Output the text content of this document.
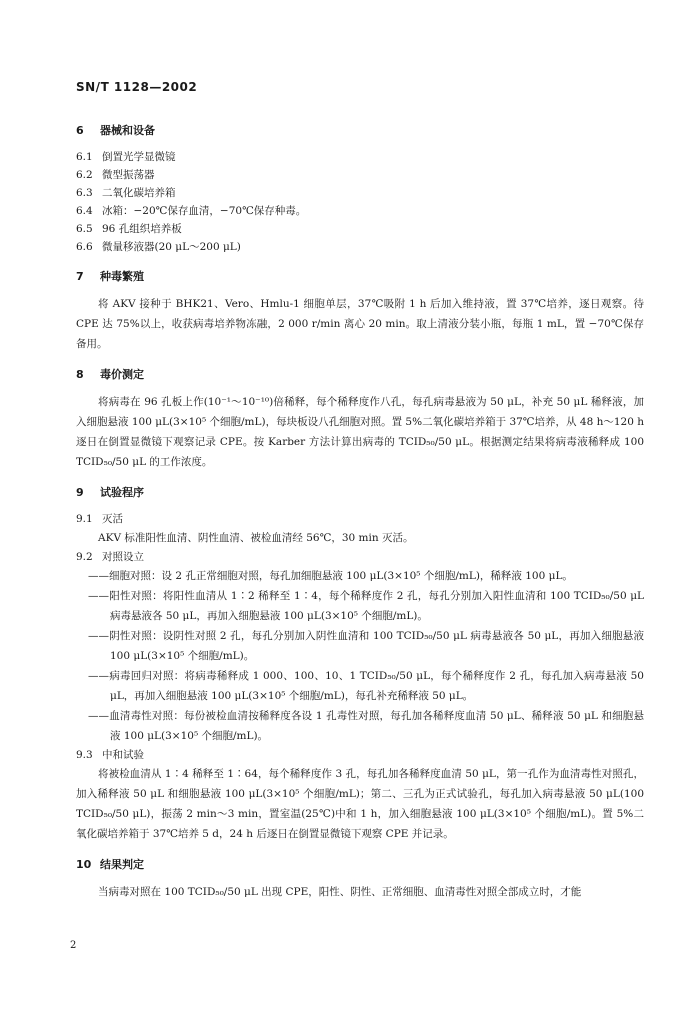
SN/T 1128—2002
6 器械和设备
6.1 倒置光学显微镜
6.2 微型振荡器
6.3 二氧化碳培养箱
6.4 冰箱：−20℃保存血清，−70℃保存种毒。
6.5 96 孔组织培养板
6.6 微量移液器(20 μL～200 μL)
7 种毒繁殖

将 AKV 接种于 BHK21、Vero、Hmlu-1 细胞单层，37℃吸附 1 h 后加入维持液，置 37℃培养，逐日观察。待 CPE 达 75%以上，收获病毒培养物冻融，2 000 r/min 离心 20 min。取上清液分装小瓶，每瓶 1 mL，置 −70℃保存备用。

8 毒价测定

将病毒在 96 孔板上作(10⁻¹～10⁻¹⁰)倍稀释，每个稀释度作八孔，每孔病毒悬液为 50 μL，补充 50 μL 稀释液，加入细胞悬液 100 μL(3×10⁵ 个细胞/mL)，每块板设八孔细胞对照。置 5%二氧化碳培养箱于 37℃培养，从 48 h～120 h 逐日在倒置显微镜下观察记录 CPE。按 Karber 方法计算出病毒的 TCID₅₀/50 μL。根据测定结果将病毒液稀释成 100 TCID₅₀/50 μL 的工作浓度。

9 试验程序
9.1 灭活

AKV 标准阳性血清、阴性血清、被检血清经 56℃，30 min 灭活。

9.2 对照设立

——细胞对照：设 2 孔正常细胞对照，每孔加细胞悬液 100 μL(3×10⁵ 个细胞/mL)，稀释液 100 μL。

——阳性对照：将阳性血清从 1∶2 稀释至 1∶4，每个稀释度作 2 孔，每孔分别加入阳性血清和 100 TCID₅₀/50 μL 病毒悬液各 50 μL，再加入细胞悬液 100 μL(3×10⁵ 个细胞/mL)。

——阴性对照：设阴性对照 2 孔，每孔分别加入阴性血清和 100 TCID₅₀/50 μL 病毒悬液各 50 μL，再加入细胞悬液 100 μL(3×10⁵ 个细胞/mL)。

——病毒回归对照：将病毒稀释成 1 000、100、10、1 TCID₅₀/50 μL，每个稀释度作 2 孔，每孔加入病毒悬液 50 μL，再加入细胞悬液 100 μL(3×10⁵ 个细胞/mL)，每孔补充稀释液 50 μL。

——血清毒性对照：每份被检血清按稀释度各设 1 孔毒性对照，每孔加各稀释度血清 50 μL、稀释液 50 μL 和细胞悬液 100 μL(3×10⁵ 个细胞/mL)。

9.3 中和试验

将被检血清从 1∶4 稀释至 1∶64，每个稀释度作 3 孔，每孔加各稀释度血清 50 μL，第一孔作为血清毒性对照孔，加入稀释液 50 μL 和细胞悬液 100 μL(3×10⁵ 个细胞/mL)；第二、三孔为正式试验孔，每孔加入病毒悬液 50 μL(100 TCID₅₀/50 μL)，振荡 2 min～3 min，置室温(25℃)中和 1 h，加入细胞悬液 100 μL(3×10⁵ 个细胞/mL)。置 5%二氧化碳培养箱于 37℃培养 5 d，24 h 后逐日在倒置显微镜下观察 CPE 并记录。

10 结果判定

当病毒对照在 100 TCID₅₀/50 μL 出现 CPE，阳性、阴性、正常细胞、血清毒性对照全部成立时，才能

2
